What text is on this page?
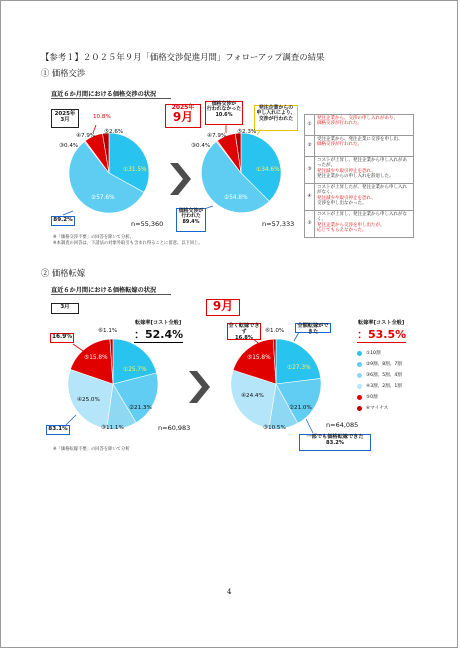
【参考１】２０２５年９月「価格交渉促進月間」フォローアップ調査の結果
① 価格交渉
直近６か月間における価格交渉の状況
2025年
3月
2025年
9月
10.8%
⑤2.6%
④7.9%
③0.4%
①31.5%
②57.6%
89.2%	n=55,360
※「価格交渉不要」の回答を除いて分析。
※本調査の回答は、下請法の対象外取引も含まれ得ることに留意。以下同じ。
価格交渉が
行われなかった
10.6%
発注企業からの
申し入れにより、
交渉が行われた
⑤2.3%
④7.9%
③0.4%
①34.6%
②54.8%
価格交渉が
行われた
89.4%	n=57,333
①
発注企業から、交渉の申し入れがあり、
価格交渉が行われた。
②
受注企業から、発注企業に交渉を申し出、
価格交渉が行われた。
③
コストが上昇し、発注企業から申し入れがあったが、
発注減少や取引停止を恐れ、
発注企業からの申し入れを辞退した。
④
コストが上昇したが、発注企業から申し入れがなく、
発注減少や取引停止を恐れ、
交渉を申し出なかった。
⑤
コストが上昇し、発注企業から申し入れがなく、
発注企業から交渉を申し出たが、
応じてもらえなかった。
② 価格転嫁
直近６か月間における価格転嫁の状況
3月	9月
⑥1.1%
転嫁率[コスト全般]
：52.4%
16.9%
⑤15.8%
①25.7%
④25.0%
②21.3%
③11.1%
83.1%	n=60,983
※「価格転嫁不要」の回答を除いて分析
全く転嫁できず
16.8%
⑥1.0%
全額転嫁ができた
転嫁率[コスト全般]
：53.5%
⑤15.8%
①27.3%
④24.4%
②21.0%
③10.5%	n=64,085
一部でも価格転嫁できた
83.2%
①10割
②9割、8割、7割
③6割、5割、4割
④3割、2割、1割
⑤0割
⑥マイナス
4
